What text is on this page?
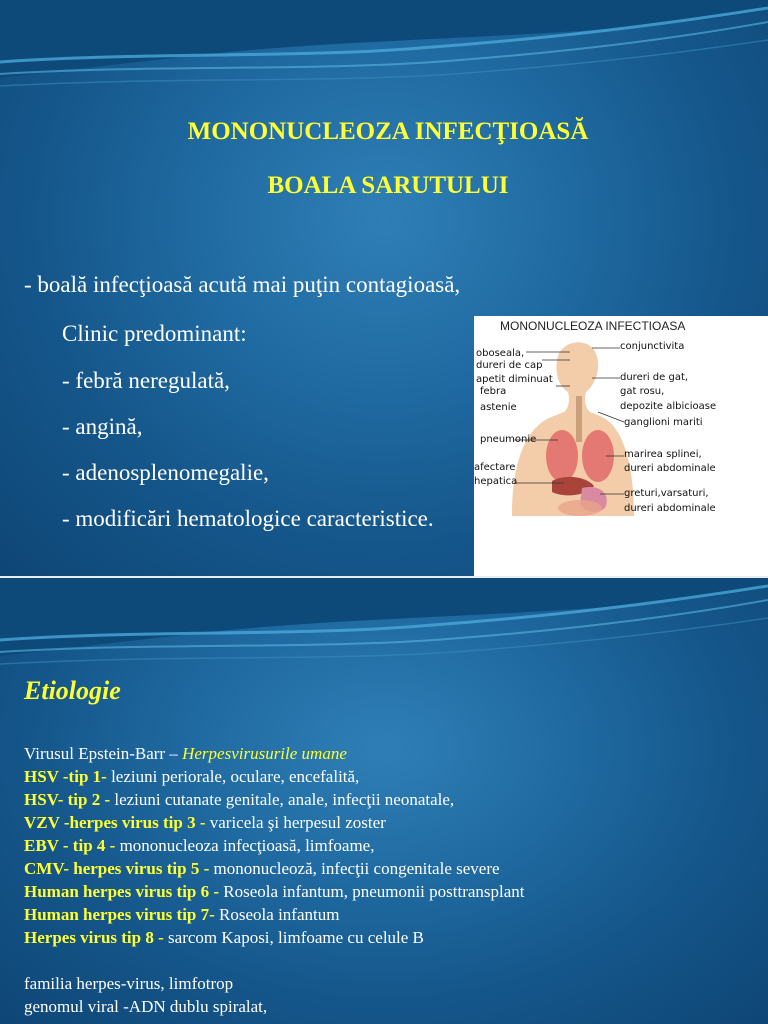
MONONUCLEOZA INFECŢIOASĂ
BOALA SARUTULUI
- boală infecţioasă acută mai puţin contagioasă,
Clinic predominant:
- febră neregulată,
- angină,
- adenosplenomegalie,
- modificări hematologice caracteristice.
MONONUCLEOZA INFECTIOASA
oboseala,
dureri de cap
apetit diminuat
febra
astenie
pneumonie
afectare
hepatica
conjunctivita
dureri de gat,
gat rosu,
depozite albicioase
ganglioni mariti
marirea splinei,
dureri abdominale
greturi,varsaturi,
dureri abdominale
Etiologie
Virusul Epstein-Barr – Herpesvirusurile umane
HSV -tip 1- leziuni periorale, oculare, encefalită,
HSV- tip 2 - leziuni cutanate genitale, anale, infecţii neonatale,
VZV -herpes virus tip 3 - varicela şi herpesul zoster
EBV - tip 4 - mononucleoza infecţioasă, limfoame,
CMV- herpes virus tip 5 - mononucleoză, infecţii congenitale severe
Human herpes virus tip 6 - Roseola infantum, pneumonii posttransplant
Human herpes virus tip 7- Roseola infantum
Herpes virus tip 8 - sarcom Kaposi, limfoame cu celule B
familia herpes-virus, limfotrop
genomul viral -ADN dublu spiralat,
